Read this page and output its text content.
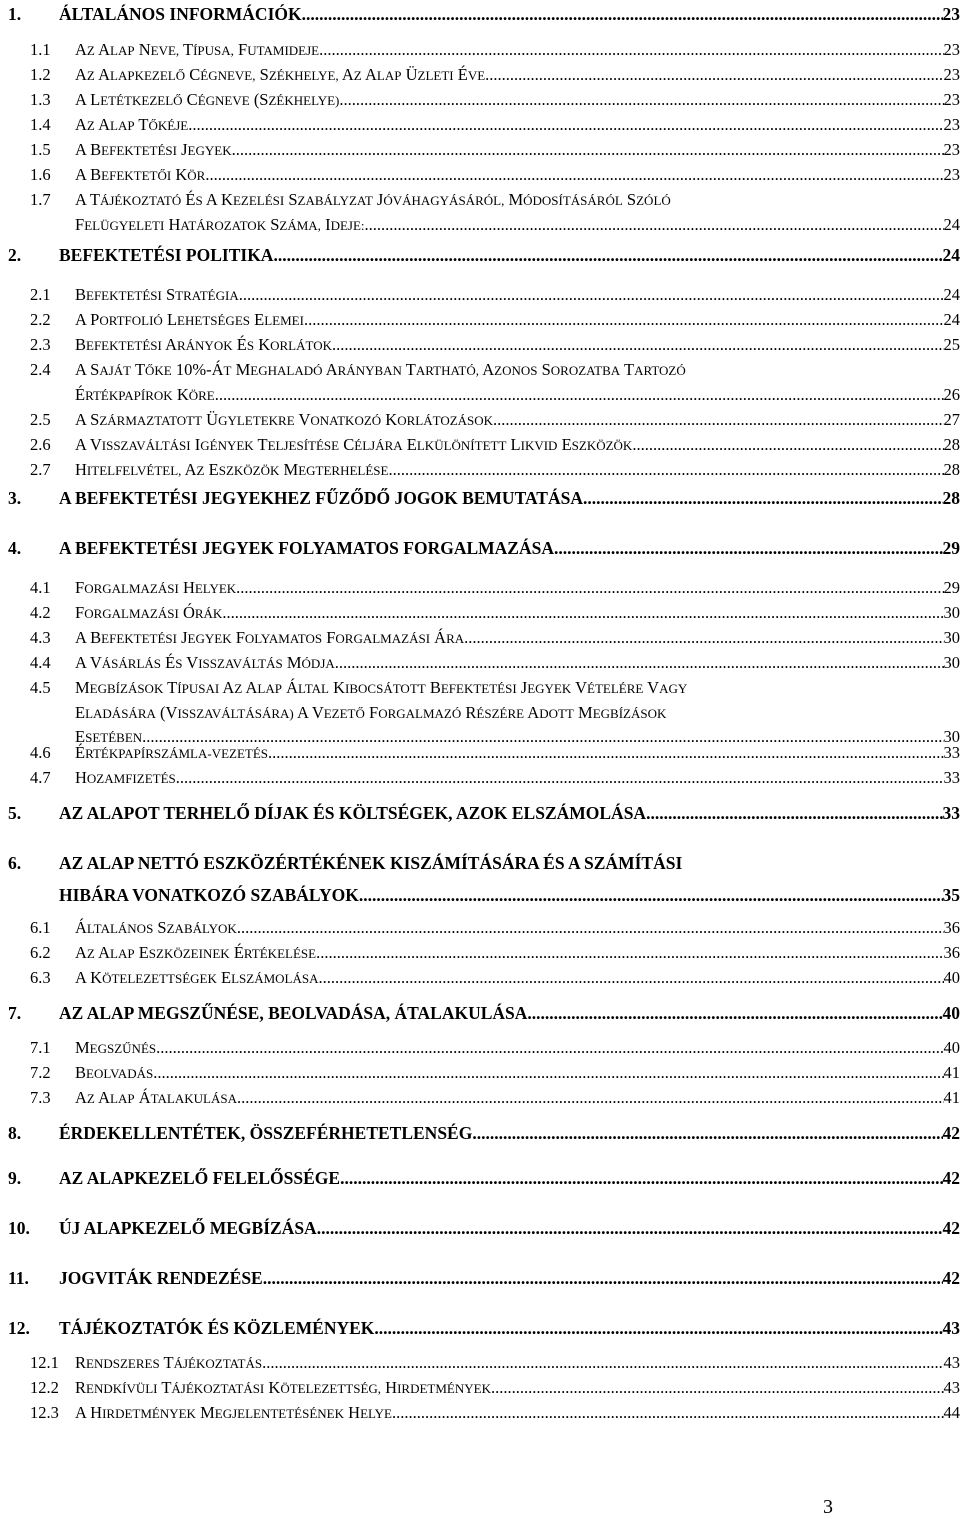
1. ÁLTALÁNOS INFORMÁCIÓK .....	23
1.1 AZ ALAP NEVE, TÍPUSA, FUTAMIDEJE .....	23
1.2 AZ ALAPKEZELŐ CÉGNEVE, SZÉKHELYE, AZ ALAP ÜZLETI ÉVE .....	23
1.3 A LETÉTKEZELŐ CÉGNEVE (SZÉKHELYE) .....	23
1.4 AZ ALAP TŐKÉJE .....	23
1.5 A BEFEKTETÉSI JEGYEK .....	23
1.6 A BEFEKTETŐI KÖR .....	23
1.7 A TÁJÉKOZTATÓ ÉS A KEZELÉSI SZABÁLYZAT JÓVÁHAGYÁSÁRÓL, MÓDOSÍTÁSÁRÓL SZÓLÓ
FELÜGYELETI HATÁROZATOK SZÁMA, IDEJE: .....	24
2. BEFEKTETÉSI POLITIKA .....	24
2.1 BEFEKTETÉSI STRATÉGIA .....	24
2.2 A PORTFOLIÓ LEHETSÉGES ELEMEI .....	24
2.3 BEFEKTETÉSI ARÁNYOK ÉS KORLÁTOK .....	25
2.4 A SAJÁT TŐKE 10%-ÁT MEGHALADÓ ARÁNYBAN TARTHATÓ, AZONOS SOROZATBA TARTOZÓ
ÉRTÉKPAPÍROK KÖRE .....	26
2.5 A SZÁRMAZTATOTT ÜGYLETEKRE VONATKOZÓ KORLÁTOZÁSOK .....	27
2.6 A VISSZAVÁLTÁSI IGÉNYEK TELJESÍTÉSE CÉLJÁRA ELKÜLÖNÍTETT LIKVID ESZKÖZÖK .....	28
2.7 HITELFELVÉTEL, AZ ESZKÖZÖK MEGTERHELÉSE .....	28
3. A BEFEKTETÉSI JEGYEKHEZ FŰZŐDŐ JOGOK BEMUTATÁSA .....	28
4. A BEFEKTETÉSI JEGYEK FOLYAMATOS FORGALMAZÁSA .....	29
4.1 FORGALMAZÁSI HELYEK .....	29
4.2 FORGALMAZÁSI ÓRÁK .....	30
4.3 A BEFEKTETÉSI JEGYEK FOLYAMATOS FORGALMAZÁSI ÁRA .....	30
4.4 A VÁSÁRLÁS ÉS VISSZAVÁLTÁS MÓDJA .....	30
4.5 MEGBÍZÁSOK TÍPUSAI AZ ALAP ÁLTAL KIBOCSÁTOTT BEFEKTETÉSI JEGYEK VÉTELÉRE VAGY
ELADÁSÁRA (VISSZAVÁLTÁSÁRA) A VEZETŐ FORGALMAZÓ RÉSZÉRE ADOTT MEGBÍZÁSOK
ESETÉBEN .....	30
4.6 ÉRTÉKPAPÍRSZÁMLA-VEZETÉS .....	33
4.7 HOZAMFIZETÉS .....	33
5. AZ ALAPOT TERHELŐ DÍJAK ÉS KÖLTSÉGEK, AZOK ELSZÁMOLÁSA .....	33
6. AZ ALAP NETTÓ ESZKÖZÉRTÉKÉNEK KISZÁMÍTÁSÁRA ÉS A SZÁMÍTÁSI
HIBÁRA VONATKOZÓ SZABÁLYOK .....	35
6.1 ÁLTALÁNOS SZABÁLYOK .....	36
6.2 AZ ALAP ESZKÖZEINEK ÉRTÉKELÉSE .....	36
6.3 A KÖTELEZETTSÉGEK ELSZÁMOLÁSA .....	40
7. AZ ALAP MEGSZŰNÉSE, BEOLVADÁSA, ÁTALAKULÁSA .....	40
7.1 MEGSZŰNÉS .....	40
7.2 BEOLVADÁS .....	41
7.3 AZ ALAP ÁTALAKULÁSA .....	41
8. ÉRDEKELLENTÉTEK, ÖSSZEFÉRHETETLENSÉG .....	42
9. AZ ALAPKEZELŐ FELELŐSSÉGE .....	42
10. ÚJ ALAPKEZELŐ MEGBÍZÁSA .....	42
11. JOGVITÁK RENDEZÉSE .....	42
12. TÁJÉKOZTATÓK ÉS KÖZLEMÉNYEK .....	43
12.1 RENDSZERES TÁJÉKOZTATÁS .....	43
12.2 RENDKÍVÜLI TÁJÉKOZTATÁSI KÖTELEZETTSÉG, HIRDETMÉNYEK .....	43
12.3 A HIRDETMÉNYEK MEGJELENTETÉSÉNEK HELYE .....	44
3
